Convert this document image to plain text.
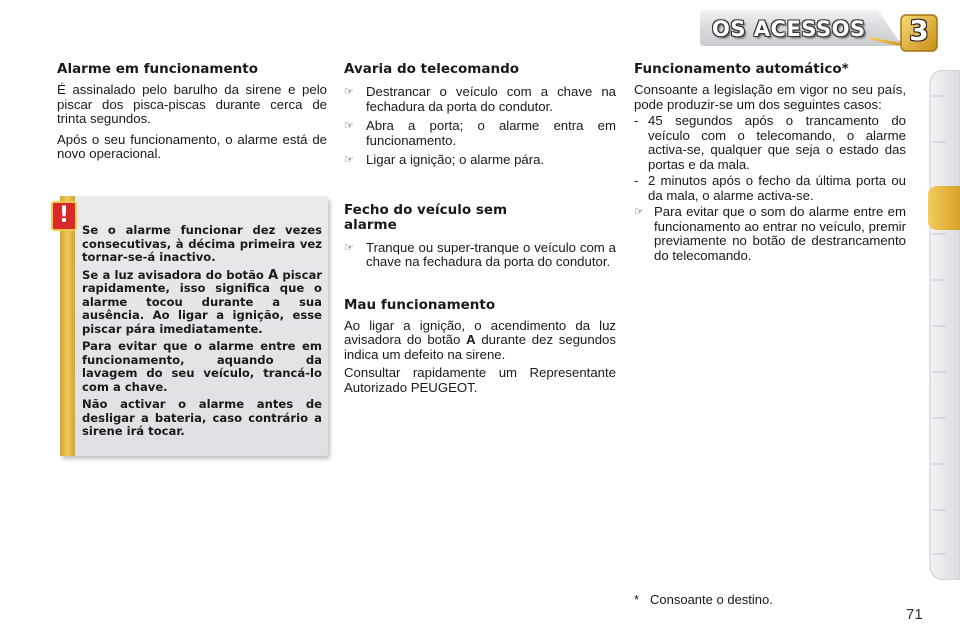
OS ACESSOS	3
Alarme em funcionamento

É assinalado pelo barulho da sirene e pelo piscar dos pisca-piscas durante cerca de trinta segundos.

Após o seu funcionamento, o alarme está de novo operacional.

!

Se o alarme funcionar dez vezes consecutivas, à décima primeira vez tornar-se-á inactivo.

Se a luz avisadora do botão A piscar rapidamente, isso significa que o alarme tocou durante a sua ausência. Ao ligar a ignição, esse piscar pára imediatamente.

Para evitar que o alarme entre em funcionamento, aquando da lavagem do seu veículo, trancá-lo com a chave.

Não activar o alarme antes de desligar a bateria, caso contrário a sirene irá tocar.

Avaria do telecomando
☞ Destrancar o veículo com a chave na fechadura da porta do condutor.
☞ Abra a porta; o alarme entra em funcionamento.
☞ Ligar a ignição; o alarme pára.
Fecho do veículo sem alarme
☞ Tranque ou super-tranque o veículo com a chave na fechadura da porta do condutor.
Mau funcionamento

Ao ligar a ignição, o acendimento da luz avisadora do botão A durante dez segundos indica um defeito na sirene.

Consultar rapidamente um Representante Autorizado PEUGEOT.

Funcionamento automático*

Consoante a legislação em vigor no seu país, pode produzir-se um dos seguintes casos:

- 45 segundos após o trancamento do veículo com o telecomando, o alarme activa-se, qualquer que seja o estado das portas e da mala.
- 2 minutos após o fecho da última porta ou da mala, o alarme activa-se.
☞ Para evitar que o som do alarme entre em funcionamento ao entrar no veículo, premir previamente no botão de destrancamento do telecomando.
* Consoante o destino.
71
